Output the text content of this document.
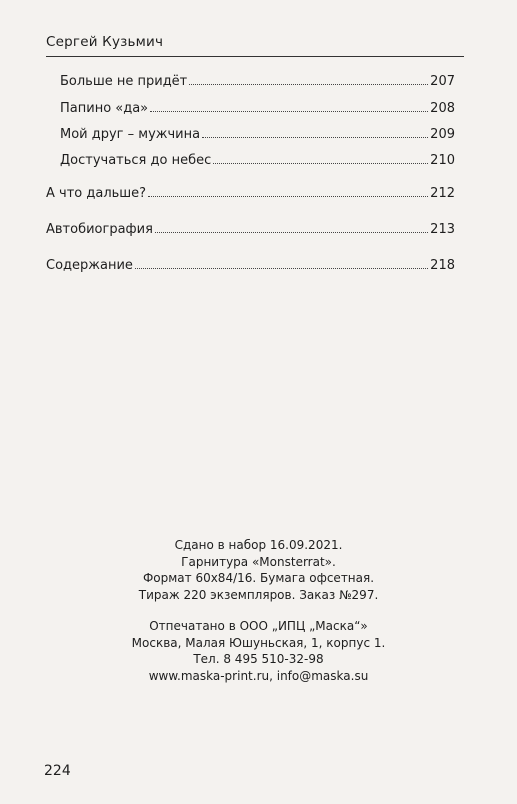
Сергей Кузьмич
Больше не придёт	207
Папино «да»	208
Мой друг – мужчина	209
Достучаться до небес	210
А что дальше?	212
Автобиография	213
Содержание	218
Сдано в набор 16.09.2021.
Гарнитура «Monsterrat».
Формат 60x84/16. Бумага офсетная.
Тираж 220 экземпляров. Заказ №297.
Отпечатано в ООО „ИПЦ „Маска“»
Москва, Малая Юшуньская, 1, корпус 1.
Тел. 8 495 510-32-98
www.maska-print.ru, info@maska.su
224
